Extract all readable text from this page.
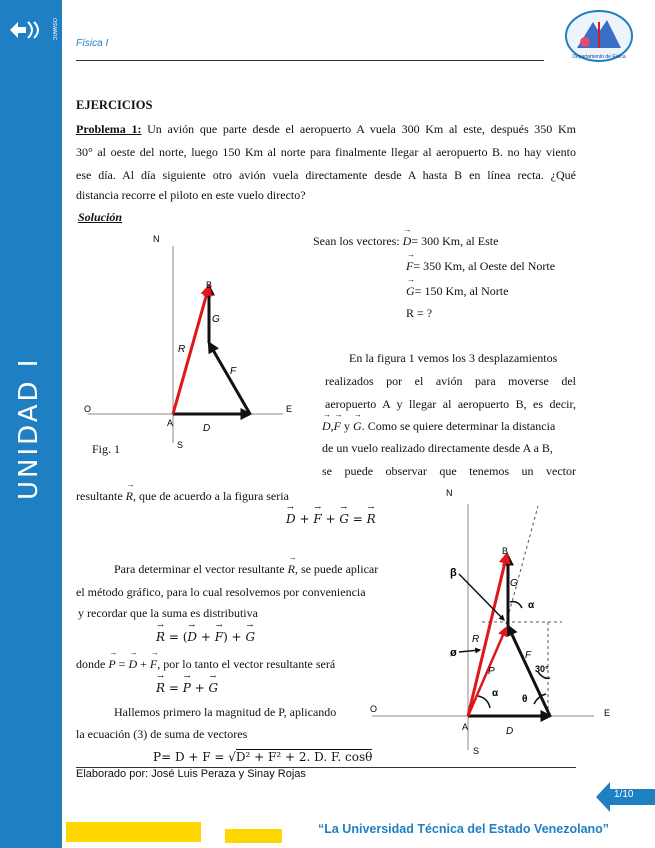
OSWARC
UNIDAD I
Física I
Departamento de Física
EJERCICIOS
Problema 1: Un avión que parte desde el aeropuerto A vuela 300 Km al este, después 350 Km
30° al oeste del norte, luego 150 Km al norte para finalmente llegar al aeropuerto B. no hay viento
ese día. Al día siguiente otro avión vuela directamente desde A hasta B en línea recta. ¿Qué
distancia recorre el piloto en este vuelo directo?
Solución
N
S
O	E
A
B
D
F
G
R
Fig. 1
Sean los vectores: → D= 300 Km, al Este
→ F= 350 Km, al Oeste del Norte
→ G= 150 Km, al Norte
R = ?
En la figura 1 vemos los 3 desplazamientos
realizados por el avión para moverse del
aeropuerto A y llegar al aeropuerto B, es decir,
→ D,→ F y → G. Como se quiere determinar la distancia
de un vuelo realizado directamente desde A a B,
se puede observar que tenemos un vector
resultante → R, que de acuerdo a la figura seria
→ D + → F + → G = → R
N
S
O	E
A
B
D
F
G
R
P
β
ø
α
α
θ
30°
Para determinar el vector resultante → R, se puede aplicar
el método gráfico, para lo cual resolvemos por conveniencia
y recordar que la suma es distributiva
→ R = (→ D + → F) + → G
donde → P = → D + → F, por lo tanto el vector resultante será
→ R = → P + → G
Hallemos primero la magnitud de P, aplicando
la ecuación (3) de suma de vectores
P= D + F = √D² + F² + 2. D. F. cosθ
Elaborado por: José Luis Peraza y Sinay Rojas
1/10
“La Universidad Técnica del Estado Venezolano”
